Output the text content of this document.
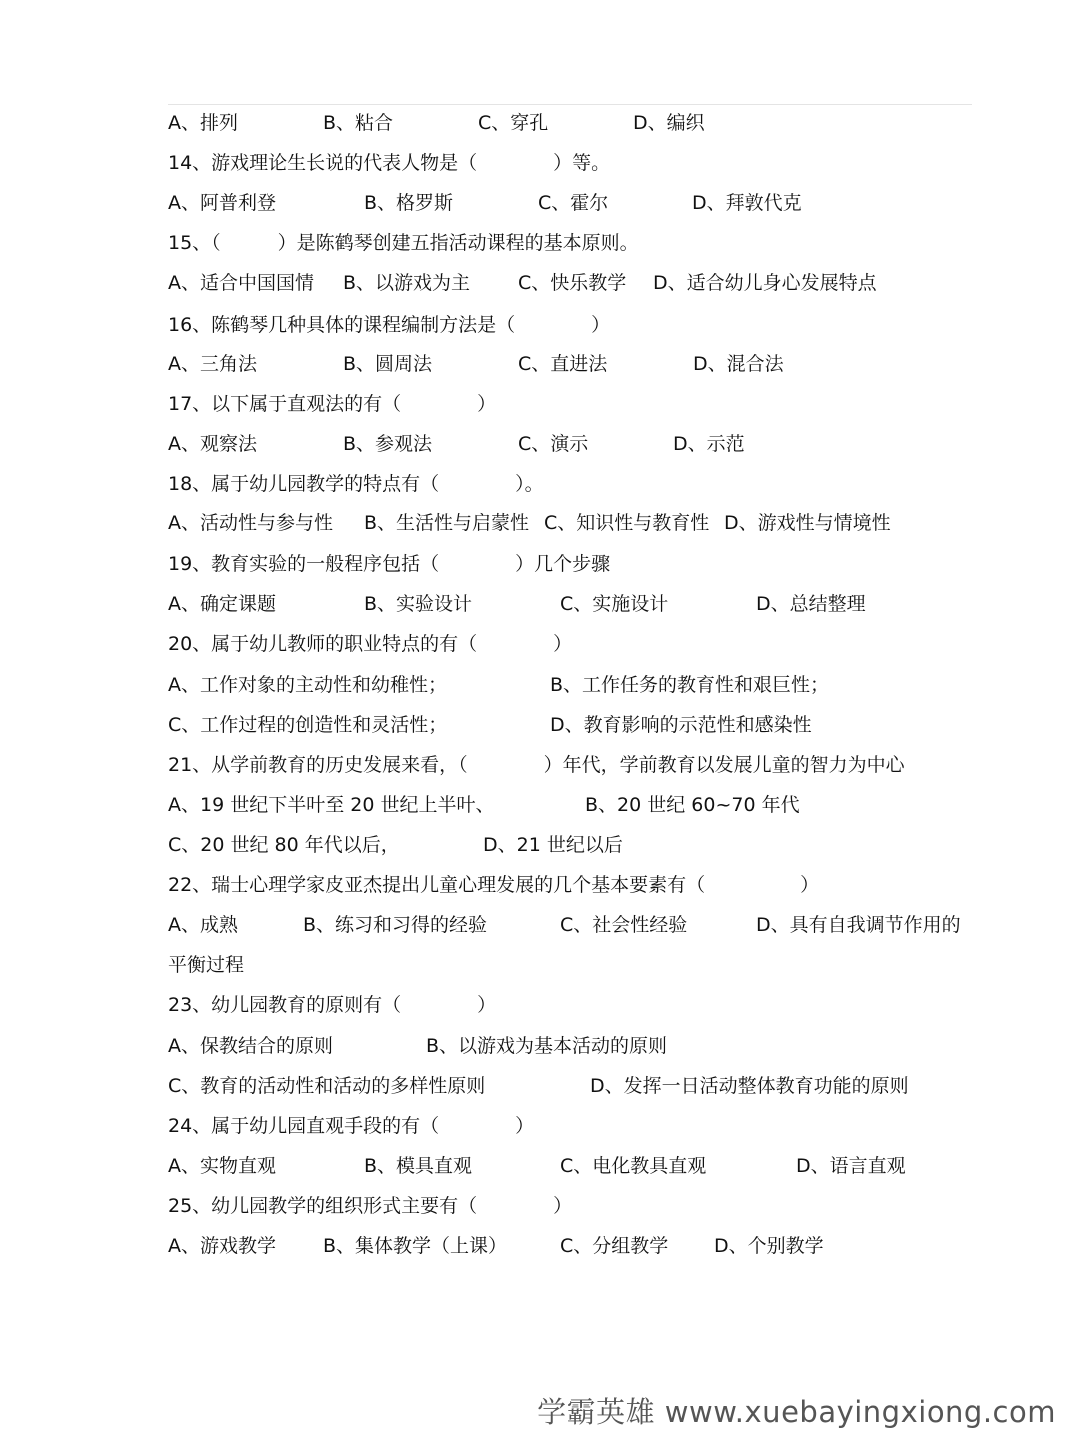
A、排列	B、粘合	C、穿孔	D、编织
14、游戏理论生长说的代表人物是（　　　　）等。
A、阿普利登	B、格罗斯	C、霍尔	D、拜敦代克
15、（　　　）是陈鹤琴创建五指活动课程的基本原则。
A、适合中国国情 B、以游戏为主	C、快乐教学 D、适合幼儿身心发展特点
16、陈鹤琴几种具体的课程编制方法是（　　　　）
A、三角法	B、圆周法	C、直进法	D、混合法
17、以下属于直观法的有（　　　　）
A、观察法	B、参观法	C、演示	D、示范
18、属于幼儿园教学的特点有（　　　　）。
A、活动性与参与性 B、生活性与启蒙性 C、知识性与教育性 D、游戏性与情境性
19、教育实验的一般程序包括（　　　　）几个步骤
A、确定课题	B、实验设计	C、实施设计	D、总结整理
20、属于幼儿教师的职业特点的有（　　　　）
A、工作对象的主动性和幼稚性；	B、工作任务的教育性和艰巨性；
C、工作过程的创造性和灵活性；	D、教育影响的示范性和感染性
21、从学前教育的历史发展来看，（　　　　）年代，学前教育以发展儿童的智力为中心
A、19 世纪下半叶至 20 世纪上半叶、	B、20 世纪 60~70 年代
C、20 世纪 80 年代以后，	D、21 世纪以后
22、瑞士心理学家皮亚杰提出儿童心理发展的几个基本要素有（　　　　　）
A、成熟	B、练习和习得的经验	C、社会性经验	D、具有自我调节作用的
平衡过程
23、幼儿园教育的原则有（　　　　）
A、保教结合的原则	B、以游戏为基本活动的原则
C、教育的活动性和活动的多样性原则	D、发挥一日活动整体教育功能的原则
24、属于幼儿园直观手段的有（　　　　）
A、实物直观	B、模具直观	C、电化教具直观	D、语言直观
25、幼儿园教学的组织形式主要有（　　　　）
A、游戏教学 B、集体教学（上课）	C、分组教学 D、个别教学
学霸英雄 www.xuebayingxiong.com
